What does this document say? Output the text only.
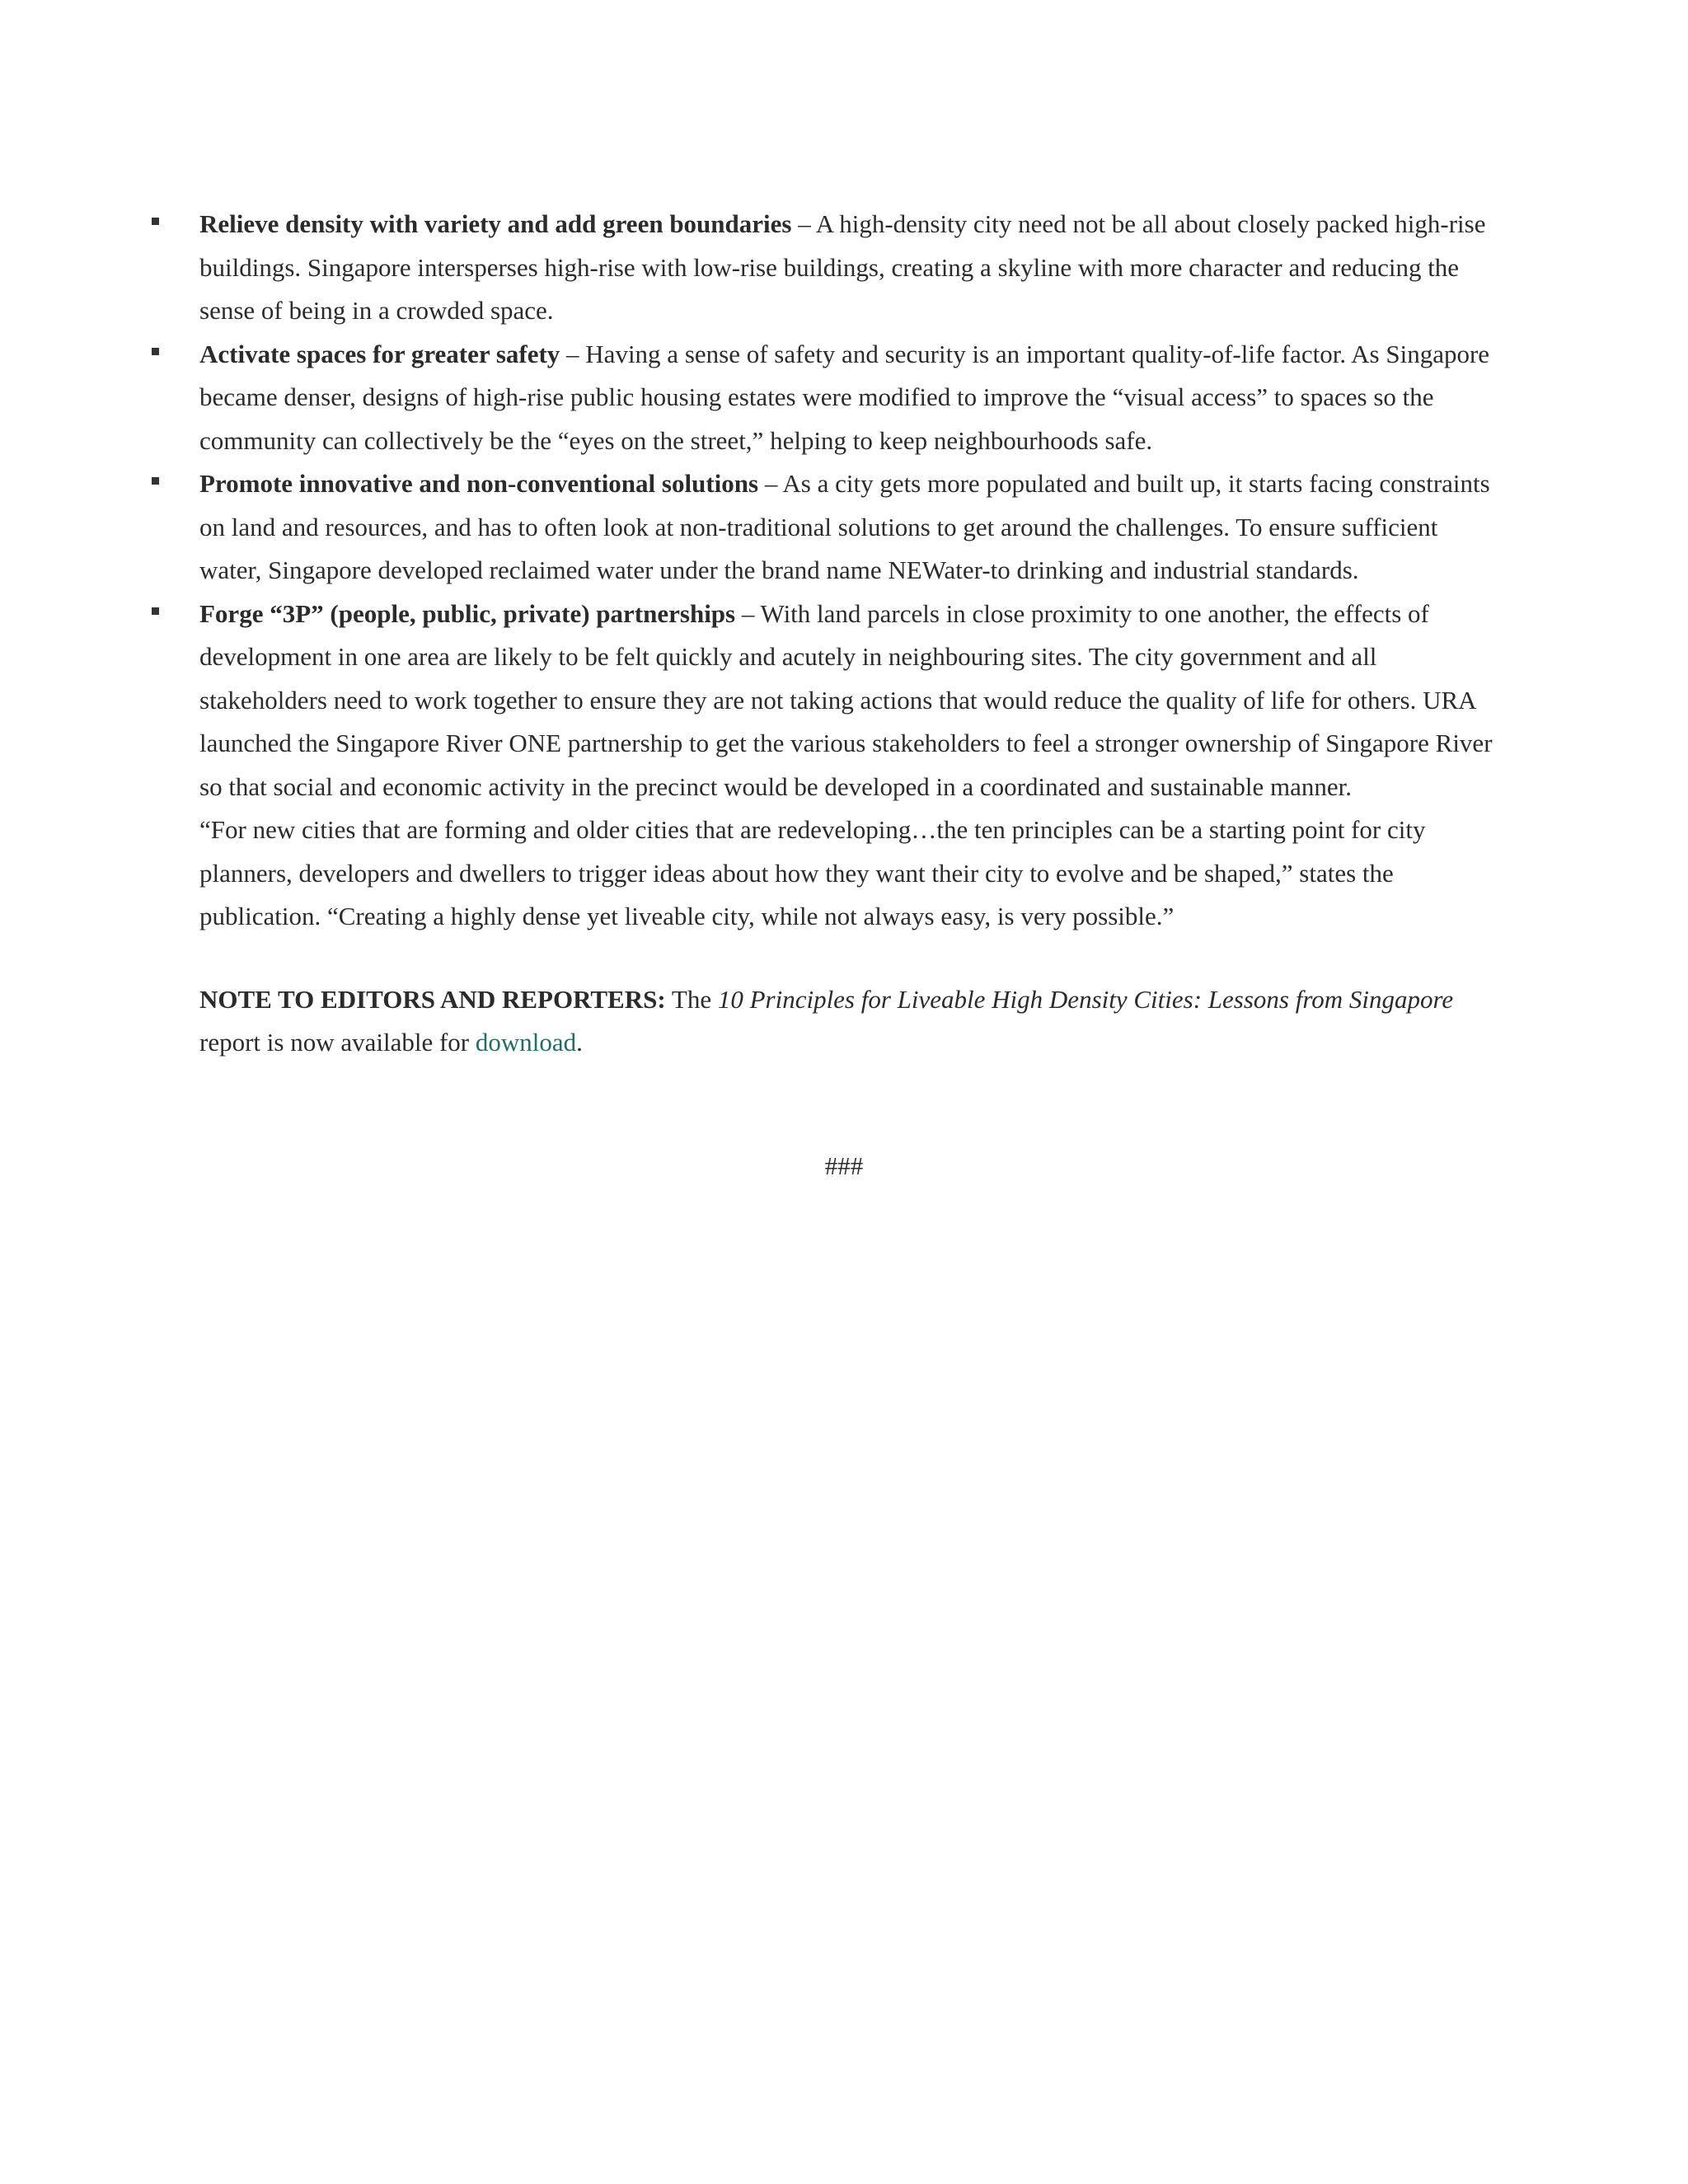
Relieve density with variety and add green boundaries – A high-density city need not be all about closely packed high-rise buildings. Singapore intersperses high-rise with low-rise buildings, creating a skyline with more character and reducing the sense of being in a crowded space.
Activate spaces for greater safety – Having a sense of safety and security is an important quality-of-life factor. As Singapore became denser, designs of high-rise public housing estates were modified to improve the “visual access” to spaces so the community can collectively be the “eyes on the street,” helping to keep neighbourhoods safe.
Promote innovative and non-conventional solutions – As a city gets more populated and built up, it starts facing constraints on land and resources, and has to often look at non-traditional solutions to get around the challenges. To ensure sufficient water, Singapore developed reclaimed water under the brand name NEWater-to drinking and industrial standards.
Forge “3P” (people, public, private) partnerships – With land parcels in close proximity to one another, the effects of development in one area are likely to be felt quickly and acutely in neighbouring sites. The city government and all stakeholders need to work together to ensure they are not taking actions that would reduce the quality of life for others. URA launched the Singapore River ONE partnership to get the various stakeholders to feel a stronger ownership of Singapore River so that social and economic activity in the precinct would be developed in a coordinated and sustainable manner.

“For new cities that are forming and older cities that are redeveloping…the ten principles can be a starting point for city planners, developers and dwellers to trigger ideas about how they want their city to evolve and be shaped,” states the publication. “Creating a highly dense yet liveable city, while not always easy, is very possible.”

NOTE TO EDITORS AND REPORTERS: The 10 Principles for Liveable High Density Cities: Lessons from Singapore report is now available for download.

###
